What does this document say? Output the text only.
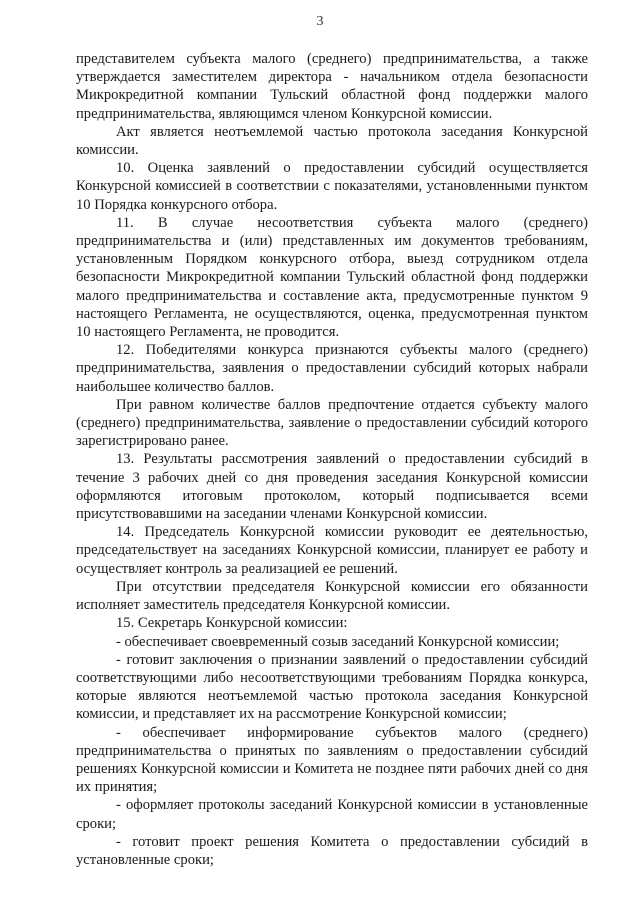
3

представителем субъекта малого (среднего) предпринимательства, а также утверждается заместителем директора - начальником отдела безопасности Микрокредитной компании Тульский областной фонд поддержки малого предпринимательства, являющимся членом Конкурсной комиссии.

Акт является неотъемлемой частью протокола заседания Конкурсной комиссии.

10. Оценка заявлений о предоставлении субсидий осуществляется Конкурсной комиссией в соответствии с показателями, установленными пунктом 10 Порядка конкурсного отбора.

11. В случае несоответствия субъекта малого (среднего) предпринимательства и (или) представленных им документов требованиям, установленным Порядком конкурсного отбора, выезд сотрудником отдела безопасности Микрокредитной компании Тульский областной фонд поддержки малого предпринимательства и составление акта, предусмотренные пунктом 9 настоящего Регламента, не осуществляются, оценка, предусмотренная пунктом 10 настоящего Регламента, не проводится.

12. Победителями конкурса признаются субъекты малого (среднего) предпринимательства, заявления о предоставлении субсидий которых набрали наибольшее количество баллов.

При равном количестве баллов предпочтение отдается субъекту малого (среднего) предпринимательства, заявление о предоставлении субсидий которого зарегистрировано ранее.

13. Результаты рассмотрения заявлений о предоставлении субсидий в течение 3 рабочих дней со дня проведения заседания Конкурсной комиссии оформляются итоговым протоколом, который подписывается всеми присутствовавшими на заседании членами Конкурсной комиссии.

14. Председатель Конкурсной комиссии руководит ее деятельностью, председательствует на заседаниях Конкурсной комиссии, планирует ее работу и осуществляет контроль за реализацией ее решений.

При отсутствии председателя Конкурсной комиссии его обязанности исполняет заместитель председателя Конкурсной комиссии.

15. Секретарь Конкурсной комиссии:

- обеспечивает своевременный созыв заседаний Конкурсной комиссии;

- готовит заключения о признании заявлений о предоставлении субсидий соответствующими либо несоответствующими требованиям Порядка конкурса, которые являются неотъемлемой частью протокола заседания Конкурсной комиссии, и представляет их на рассмотрение Конкурсной комиссии;

- обеспечивает информирование субъектов малого (среднего) предпринимательства о принятых по заявлениям о предоставлении субсидий решениях Конкурсной комиссии и Комитета не позднее пяти рабочих дней со дня их принятия;

- оформляет протоколы заседаний Конкурсной комиссии в установленные сроки;

- готовит проект решения Комитета о предоставлении субсидий в установленные сроки;
